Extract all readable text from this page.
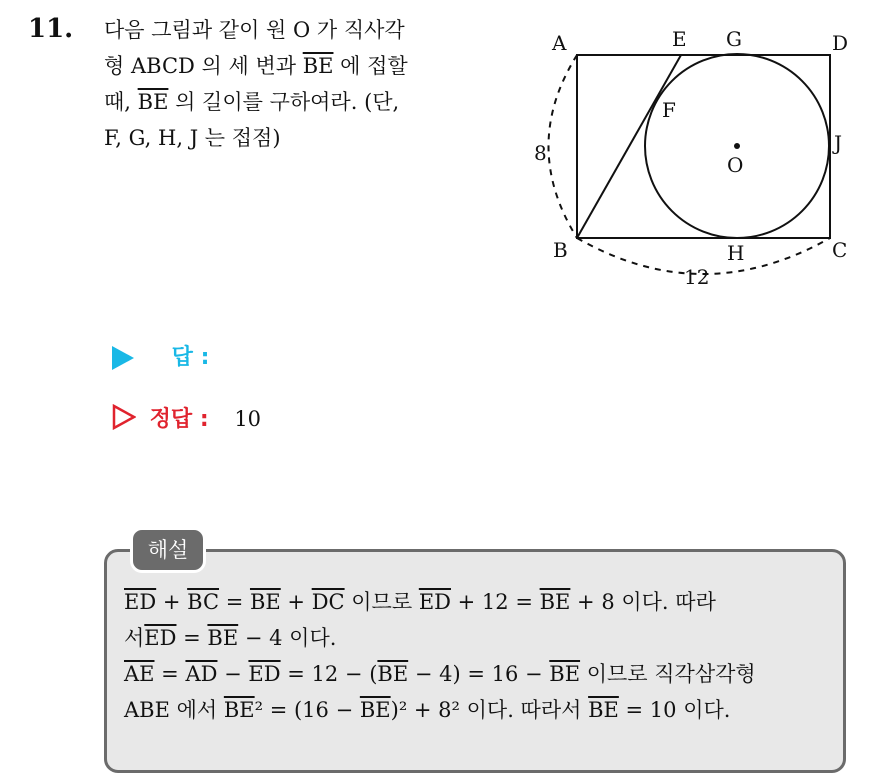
11. 다음 그림과 같이 원 O 가 직사각
형 ABCD 의 세 변과 $\overline{BE}$ 에 접할
때, $\overline{BE}$ 의 길이를 구하여라. (단,
F, G, H, J 는 접점)
A	E G	D
F
O
J
B	H	C
8
12
답 :
정답 : 10
해설
$\overline{ED} + \overline{BC} = \overline{BE} + \overline{DC}$ 이므로 $\overline{ED} + 12 = \overline{BE} + 8$ 이다. 따라
서$\overline{ED} = \overline{BE} - 4$ 이다.
$\overline{AE} = \overline{AD} - \overline{ED} = 12 - (\overline{BE} - 4) = 16 - \overline{BE}$ 이므로 직각삼각형
ABE 에서 $\overline{BE}^2 = (16 - \overline{BE})^2 + 8^2$ 이다. 따라서 $\overline{BE} = 10$ 이다.
